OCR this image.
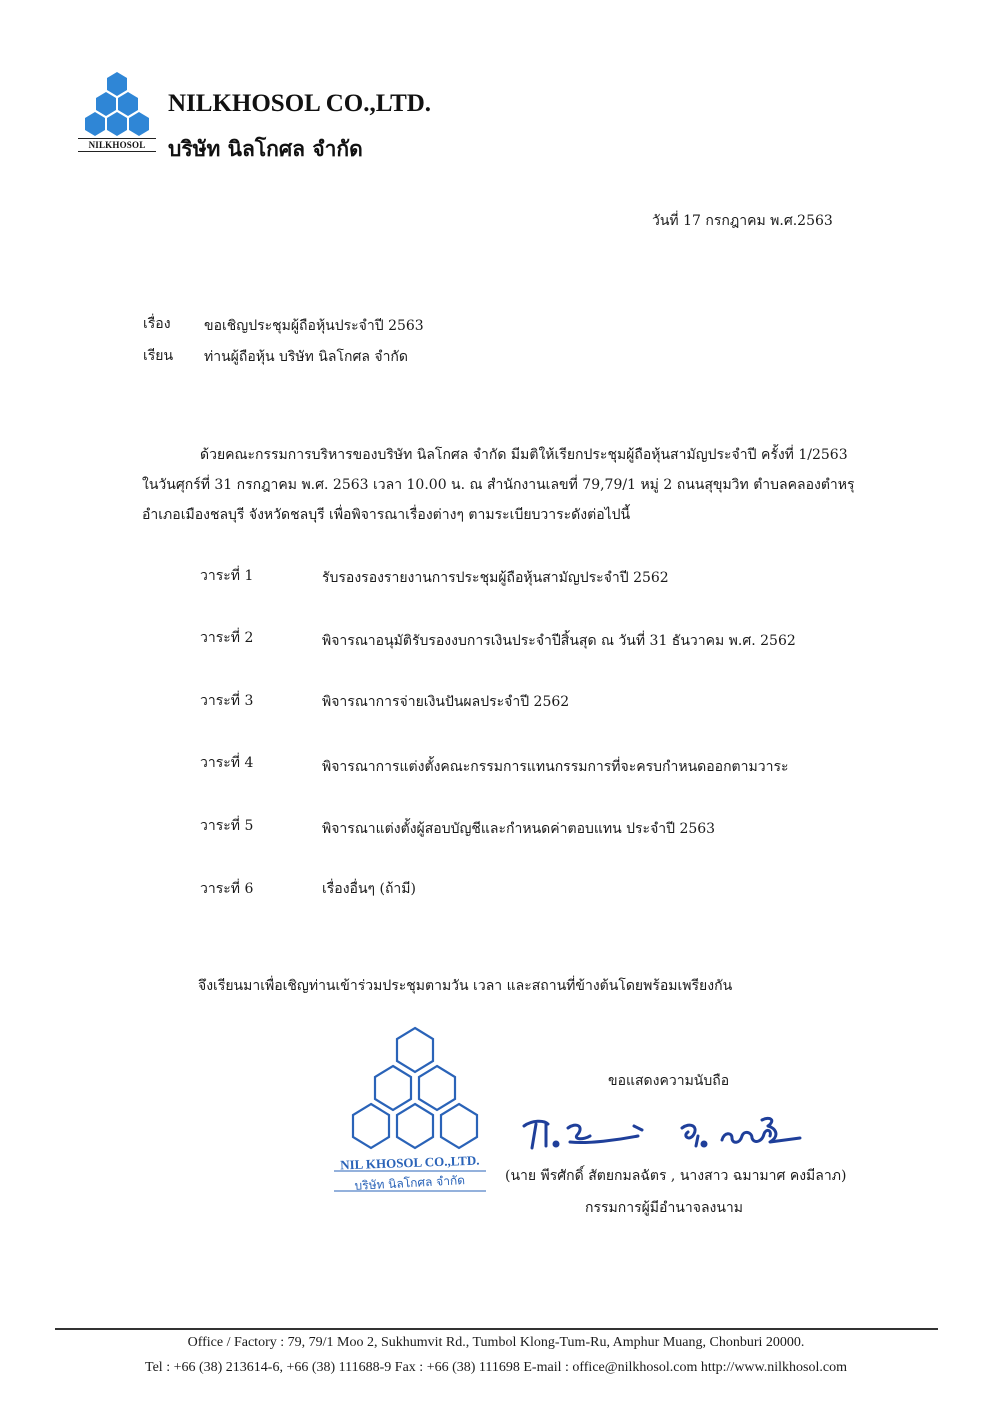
NILKHOSOL
NILKHOSOL CO.,LTD.
บริษัท นิลโกศล จำกัด
วันที่ 17 กรกฎาคม พ.ศ.2563
เรื่อง ขอเชิญประชุมผู้ถือหุ้นประจำปี 2563
เรียน ท่านผู้ถือหุ้น บริษัท นิลโกศล จำกัด
ด้วยคณะกรรมการบริหารของบริษัท นิลโกศล จำกัด มีมติให้เรียกประชุมผู้ถือหุ้นสามัญประจำปี ครั้งที่ 1/2563
ในวันศุกร์ที่ 31 กรกฎาคม พ.ศ. 2563 เวลา 10.00 น. ณ สำนักงานเลขที่ 79,79/1 หมู่ 2 ถนนสุขุมวิท ตำบลคลองตำหรุ
อำเภอเมืองชลบุรี จังหวัดชลบุรี เพื่อพิจารณาเรื่องต่างๆ ตามระเบียบวาระดังต่อไปนี้
วาระที่ 1	รับรองรองรายงานการประชุมผู้ถือหุ้นสามัญประจำปี 2562
วาระที่ 2	พิจารณาอนุมัติรับรองงบการเงินประจำปีสิ้นสุด ณ วันที่ 31 ธันวาคม พ.ศ. 2562
วาระที่ 3	พิจารณาการจ่ายเงินปันผลประจำปี 2562
วาระที่ 4	พิจารณาการแต่งตั้งคณะกรรมการแทนกรรมการที่จะครบกำหนดออกตามวาระ
วาระที่ 5	พิจารณาแต่งตั้งผู้สอบบัญชีและกำหนดค่าตอบแทน ประจำปี 2563
วาระที่ 6	เรื่องอื่นๆ (ถ้ามี)
จึงเรียนมาเพื่อเชิญท่านเข้าร่วมประชุมตามวัน เวลา และสถานที่ข้างต้นโดยพร้อมเพรียงกัน
NIL KHOSOL CO.,LTD.
บริษัท นิลโกศล จำกัด
ขอแสดงความนับถือ
(นาย พีรศักดิ์ สัตยกมลฉัตร , นางสาว ฉมามาศ คงมีลาภ)
กรรมการผู้มีอำนาจลงนาม
Office / Factory : 79, 79/1 Moo 2, Sukhumvit Rd., Tumbol Klong-Tum-Ru, Amphur Muang, Chonburi 20000.
Tel : +66 (38) 213614-6, +66 (38) 111688-9 Fax : +66 (38) 111698 E-mail : office@nilkhosol.com http://www.nilkhosol.com
